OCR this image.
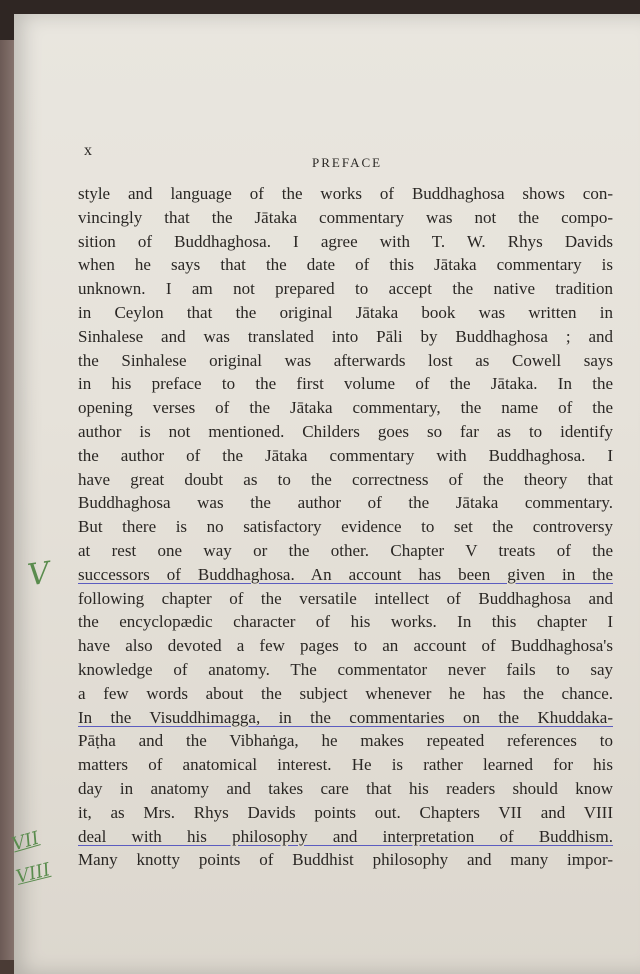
x
PREFACE
style and language of the works of Buddhaghosa shows con-
vincingly that the Jātaka commentary was not the compo-
sition of Buddhaghosa. I agree with T. W. Rhys Davids
when he says that the date of this Jātaka commentary is
unknown. I am not prepared to accept the native tradition
in Ceylon that the original Jātaka book was written in
Sinhalese and was translated into Pāli by Buddhaghosa ; and
the Sinhalese original was afterwards lost as Cowell says
in his preface to the first volume of the Jātaka. In the
opening verses of the Jātaka commentary, the name of the
author is not mentioned. Childers goes so far as to identify
the author of the Jātaka commentary with Buddhaghosa. I
have great doubt as to the correctness of the theory that
Buddhaghosa was the author of the Jātaka commentary.
But there is no satisfactory evidence to set the controversy
at rest one way or the other. Chapter V treats of the
successors of Buddhaghosa. An account has been given in the
following chapter of the versatile intellect of Buddhaghosa and
the encyclopædic character of his works. In this chapter I
have also devoted a few pages to an account of Buddhaghosa's
knowledge of anatomy. The commentator never fails to say
a few words about the subject whenever he has the chance.
In the Visuddhimagga, in the commentaries on the Khuddaka-
Pāṭha and the Vibhaṅga, he makes repeated references to
matters of anatomical interest. He is rather learned for his
day in anatomy and takes care that his readers should know
it, as Mrs. Rhys Davids points out. Chapters VII and VIII
deal with his philosophy and interpretation of Buddhism.
Many knotty points of Buddhist philosophy and many impor-
V
VII
VIII
